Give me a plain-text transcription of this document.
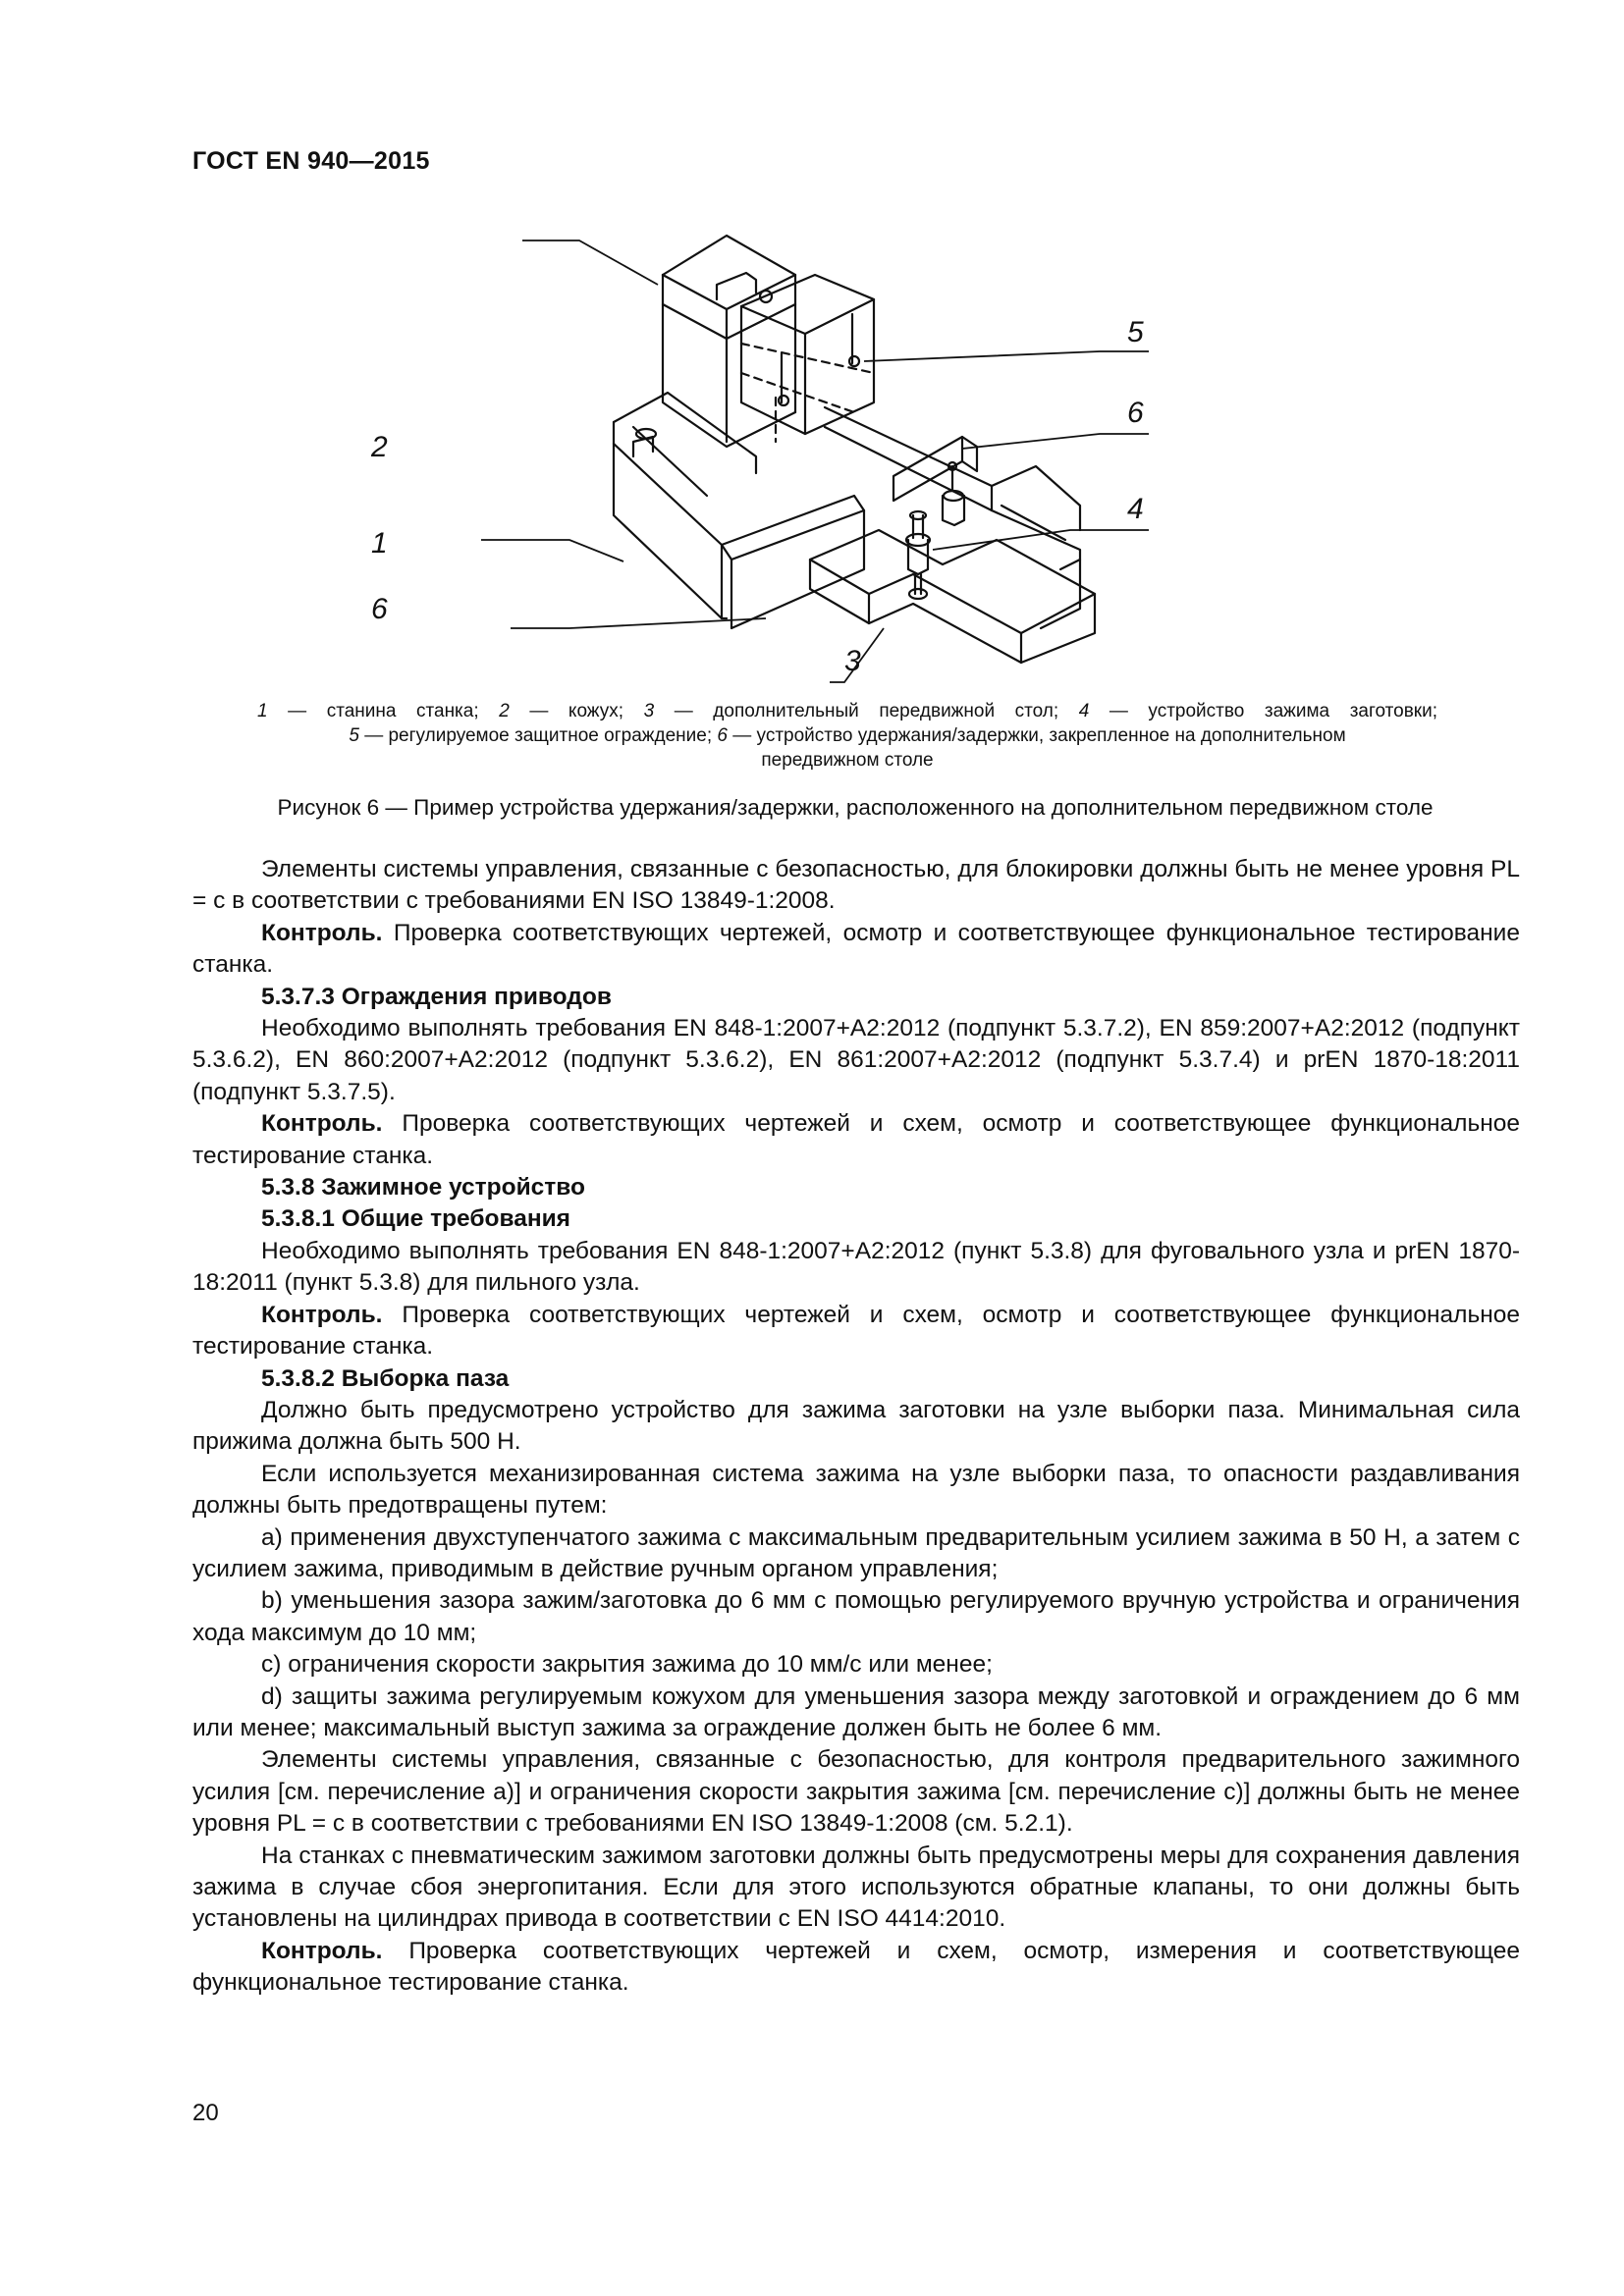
ГОСТ EN 940—2015
1
2
3
4
5
6
6
1 — станина станка; 2 — кожух; 3 — дополнительный передвижной стол; 4 — устройство зажима заготовки;
5 — регулируемое защитное ограждение; 6 — устройство удержания/задержки, закрепленное на дополнительном
передвижном столе
Рисунок 6 — Пример устройства удержания/задержки, расположенного на дополнительном передвижном столе

Элементы системы управления, связанные с безопасностью, для блокировки должны быть не менее уровня PL = c в соответствии с требованиями EN ISO 13849-1:2008.

Контроль. Проверка соответствующих чертежей, осмотр и соответствующее функциональное тестирование станка.

5.3.7.3 Ограждения приводов

Необходимо выполнять требования EN 848-1:2007+A2:2012 (подпункт 5.3.7.2), EN 859:2007+A2:2012 (подпункт 5.3.6.2), EN 860:2007+A2:2012 (подпункт 5.3.6.2), EN 861:2007+A2:2012 (подпункт 5.3.7.4) и prEN 1870-18:2011 (подпункт 5.3.7.5).

Контроль. Проверка соответствующих чертежей и схем, осмотр и соответствующее функциональное тестирование станка.

5.3.8 Зажимное устройство

5.3.8.1 Общие требования

Необходимо выполнять требования EN 848-1:2007+A2:2012 (пункт 5.3.8) для фуговального узла и prEN 1870-18:2011 (пункт 5.3.8) для пильного узла.

Контроль. Проверка соответствующих чертежей и схем, осмотр и соответствующее функциональное тестирование станка.

5.3.8.2 Выборка паза

Должно быть предусмотрено устройство для зажима заготовки на узле выборки паза. Минимальная сила прижима должна быть 500 Н.

Если используется механизированная система зажима на узле выборки паза, то опасности раздавливания должны быть предотвращены путем:

a) применения двухступенчатого зажима с максимальным предварительным усилием зажима в 50 Н, а затем с усилием зажима, приводимым в действие ручным органом управления;

b) уменьшения зазора зажим/заготовка до 6 мм с помощью регулируемого вручную устройства и ограничения хода максимум до 10 мм;

c) ограничения скорости закрытия зажима до 10 мм/с или менее;

d) защиты зажима регулируемым кожухом для уменьшения зазора между заготовкой и ограждением до 6 мм или менее; максимальный выступ зажима за ограждение должен быть не более 6 мм.

Элементы системы управления, связанные с безопасностью, для контроля предварительного зажимного усилия [см. перечисление a)] и ограничения скорости закрытия зажима [см. перечисление c)] должны быть не менее уровня PL = c в соответствии с требованиями EN ISO 13849-1:2008 (см. 5.2.1).

На станках с пневматическим зажимом заготовки должны быть предусмотрены меры для сохранения давления зажима в случае сбоя энергопитания. Если для этого используются обратные клапаны, то они должны быть установлены на цилиндрах привода в соответствии с EN ISO 4414:2010.

Контроль. Проверка соответствующих чертежей и схем, осмотр, измерения и соответствующее функциональное тестирование станка.

20
